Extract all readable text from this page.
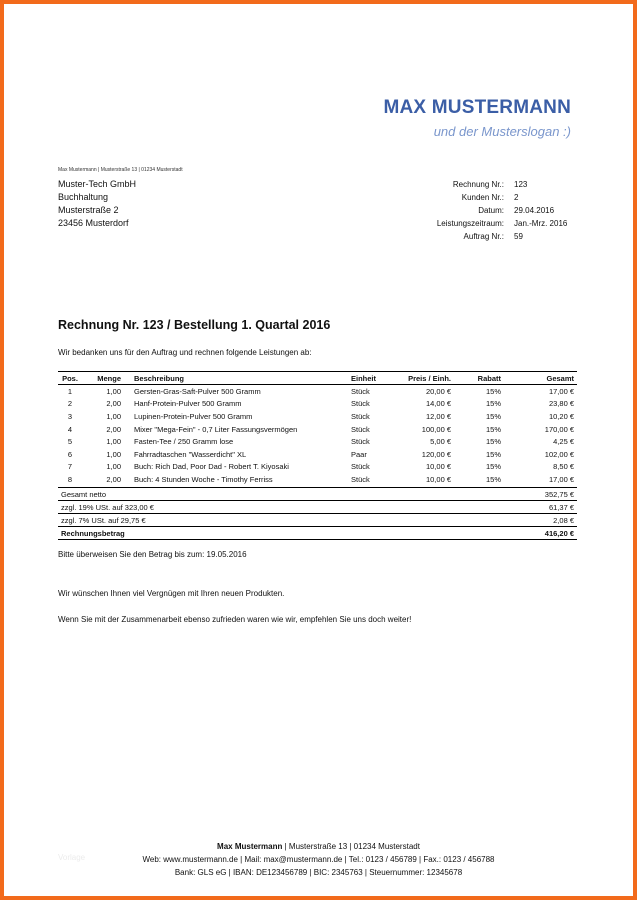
MAX MUSTERMANN
und der Musterslogan :)
Max Mustermann | Musterstraße 13 | 01234 Musterstadt
Muster-Tech GmbH
Buchhaltung
Musterstraße 2
23456 Musterdorf
Rechnung Nr.:	123
Kunden Nr.:	2
Datum:	29.04.2016
Leistungszeitraum:	Jan.-Mrz. 2016
Auftrag Nr.:	59
Rechnung Nr. 123 / Bestellung 1. Quartal 2016
Wir bedanken uns für den Auftrag und rechnen folgende Leistungen ab:
Pos.	Menge	Beschreibung	Einheit	Preis / Einh.	Rabatt	Gesamt
1	1,00	Gersten-Gras-Saft-Pulver 500 Gramm	Stück	20,00 €	15%	17,00 €
2	2,00	Hanf-Protein-Pulver 500 Gramm	Stück	14,00 €	15%	23,80 €
3	1,00	Lupinen-Protein-Pulver 500 Gramm	Stück	12,00 €	15%	10,20 €
4	2,00	Mixer "Mega-Fein" - 0,7 Liter Fassungsvermögen	Stück	100,00 €	15%	170,00 €
5	1,00	Fasten-Tee / 250 Gramm lose	Stück	5,00 €	15%	4,25 €
6	1,00	Fahrradtaschen "Wasserdicht" XL	Paar	120,00 €	15%	102,00 €
7	1,00	Buch: Rich Dad, Poor Dad - Robert T. Kiyosaki	Stück	10,00 €	15%	8,50 €
8	2,00	Buch: 4 Stunden Woche - Timothy Ferriss	Stück	10,00 €	15%	17,00 €
Gesamt netto	352,75 €
zzgl. 19% USt. auf 323,00 €	61,37 €
zzgl. 7% USt. auf 29,75 €	2,08 €
Rechnungsbetrag	416,20 €
Bitte überweisen Sie den Betrag bis zum: 19.05.2016
Wir wünschen Ihnen viel Vergnügen mit Ihren neuen Produkten.
Wenn Sie mit der Zusammenarbeit ebenso zufrieden waren wie wir, empfehlen Sie uns doch weiter!
Vorlage
Max Mustermann | Musterstraße 13 | 01234 Musterstadt
Web: www.mustermann.de | Mail: max@mustermann.de | Tel.: 0123 / 456789 | Fax.: 0123 / 456788
Bank: GLS eG | IBAN: DE123456789 | BIC: 2345763 | Steuernummer: 12345678
